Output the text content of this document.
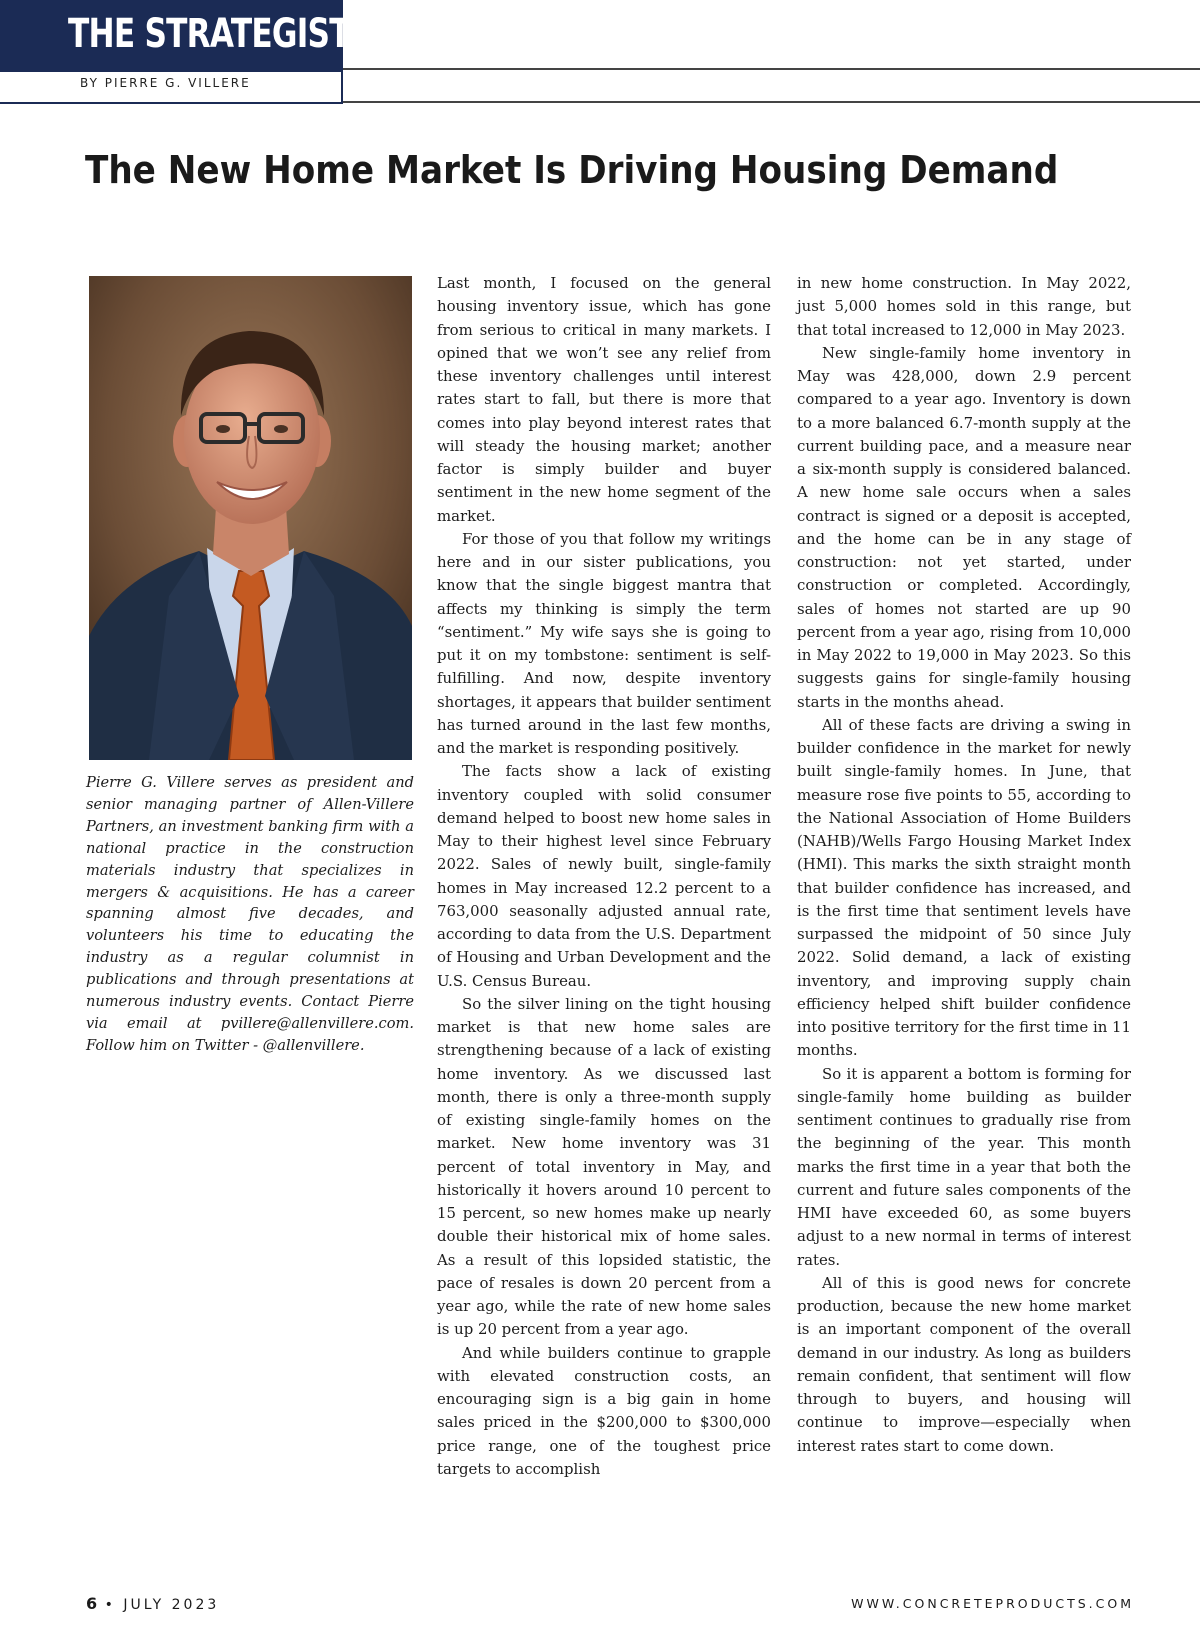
THE STRATEGIST
BY PIERRE G. VILLERE
The New Home Market Is Driving Housing Demand

Pierre G. Villere serves as president and senior managing partner of Allen-Villere Partners, an investment banking firm with a national practice in the construction materials industry that specializes in mergers & acquisitions. He has a career spanning almost five decades, and volunteers his time to educating the industry as a regular columnist in publications and through presentations at numerous industry events. Contact Pierre via email at pvillere@allenvillere.com. Follow him on Twitter - @allenvillere.

Last month, I focused on the general housing inventory issue, which has gone from serious to critical in many markets. I opined that we won’t see any relief from these inventory challenges until interest rates start to fall, but there is more that comes into play beyond interest rates that will steady the housing market; another factor is simply builder and buyer sentiment in the new home segment of the market.

For those of you that follow my writings here and in our sister publications, you know that the single biggest mantra that affects my thinking is simply the term “sentiment.” My wife says she is going to put it on my tombstone: sentiment is self-fulfilling. And now, despite inventory shortages, it appears that builder sentiment has turned around in the last few months, and the market is responding positively.

The facts show a lack of existing inventory coupled with solid consumer demand helped to boost new home sales in May to their highest level since February 2022. Sales of newly built, single-family homes in May increased 12.2 percent to a 763,000 seasonally adjusted annual rate, according to data from the U.S. Department of Housing and Urban Development and the U.S. Census Bureau.

So the silver lining on the tight housing market is that new home sales are strengthening because of a lack of existing home inventory. As we discussed last month, there is only a three-month supply of existing single-family homes on the market. New home inventory was 31 percent of total inventory in May, and historically it hovers around 10 percent to 15 percent, so new homes make up nearly double their historical mix of home sales. As a result of this lopsided statistic, the pace of resales is down 20 percent from a year ago, while the rate of new home sales is up 20 percent from a year ago.

And while builders continue to grapple with elevated construction costs, an encouraging sign is a big gain in home sales priced in the $200,000 to $300,000 price range, one of the toughest price targets to accomplish

in new home construction. In May 2022, just 5,000 homes sold in this range, but that total increased to 12,000 in May 2023.

New single-family home inventory in May was 428,000, down 2.9 percent compared to a year ago. Inventory is down to a more balanced 6.7-month supply at the current building pace, and a measure near a six-month supply is considered balanced. A new home sale occurs when a sales contract is signed or a deposit is accepted, and the home can be in any stage of construction: not yet started, under construction or completed. Accordingly, sales of homes not started are up 90 percent from a year ago, rising from 10,000 in May 2022 to 19,000 in May 2023. So this suggests gains for single-family housing starts in the months ahead.

All of these facts are driving a swing in builder confidence in the market for newly built single-family homes. In June, that measure rose five points to 55, according to the National Association of Home Builders (NAHB)/Wells Fargo Housing Market Index (HMI). This marks the sixth straight month that builder confidence has increased, and is the first time that sentiment levels have surpassed the midpoint of 50 since July 2022. Solid demand, a lack of existing inventory, and improving supply chain efficiency helped shift builder confidence into positive territory for the first time in 11 months.

So it is apparent a bottom is forming for single-family home building as builder sentiment continues to gradually rise from the beginning of the year. This month marks the first time in a year that both the current and future sales components of the HMI have exceeded 60, as some buyers adjust to a new normal in terms of interest rates.

All of this is good news for concrete production, because the new home market is an important component of the overall demand in our industry. As long as builders remain confident, that sentiment will flow through to buyers, and housing will continue to improve—especially when interest rates start to come down.

6 • JULY 2023	WWW.CONCRETEPRODUCTS.COM
